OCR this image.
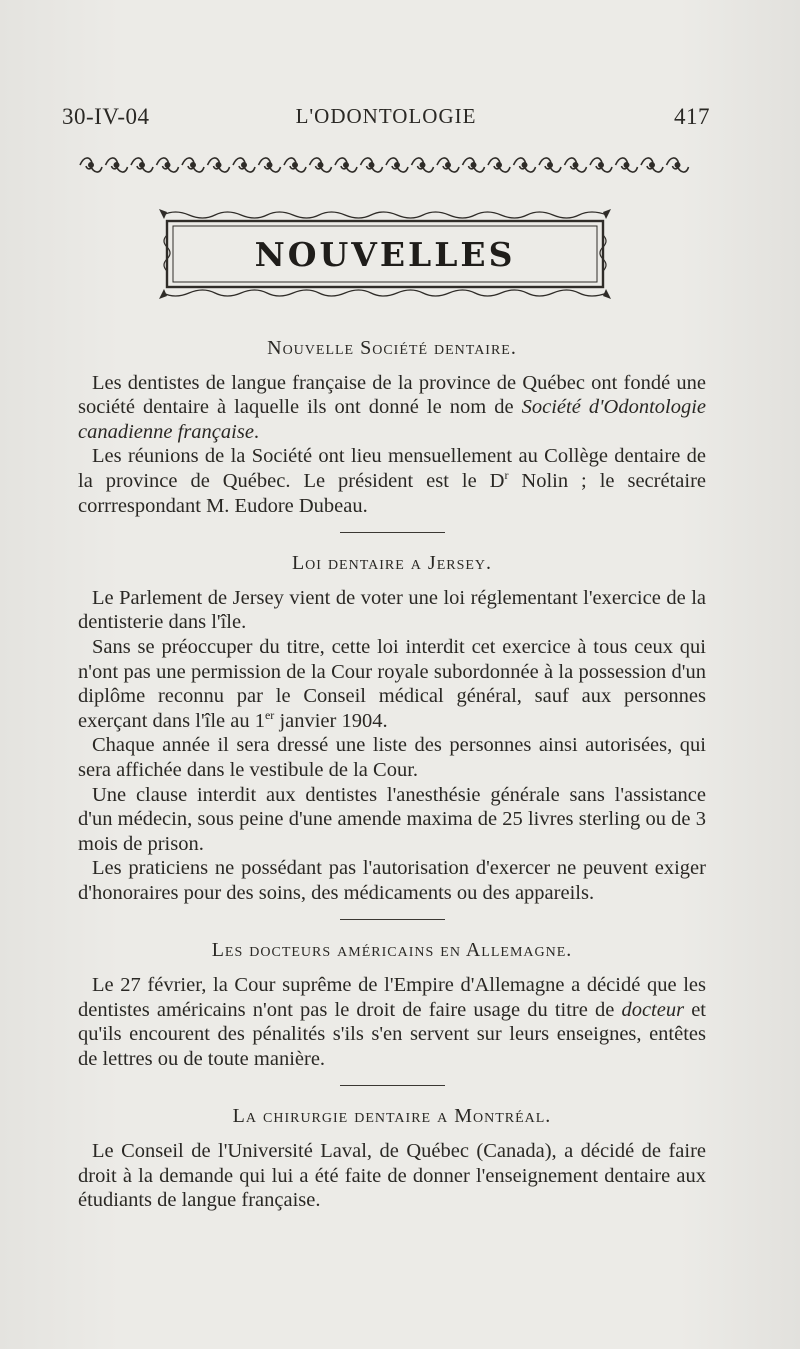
30-IV-04	L'ODONTOLOGIE	417
NOUVELLES
Nouvelle Société dentaire.

Les dentistes de langue française de la province de Québec ont fondé une société dentaire à laquelle ils ont donné le nom de Société d'Odontologie canadienne française.

Les réunions de la Société ont lieu mensuellement au Collège dentaire de la province de Québec. Le président est le $D^r$ Nolin ; le secrétaire corrrespondant M. Eudore Dubeau.

Loi dentaire a Jersey.

Le Parlement de Jersey vient de voter une loi réglementant l'exercice de la dentisterie dans l'île.

Sans se préoccuper du titre, cette loi interdit cet exercice à tous ceux qui n'ont pas une permission de la Cour royale subordonnée à la possession d'un diplôme reconnu par le Conseil médical général, sauf aux personnes exerçant dans l'île au 1er janvier 1904.

Chaque année il sera dressé une liste des personnes ainsi autorisées, qui sera affichée dans le vestibule de la Cour.

Une clause interdit aux dentistes l'anesthésie générale sans l'assistance d'un médecin, sous peine d'une amende maxima de 25 livres sterling ou de 3 mois de prison.

Les praticiens ne possédant pas l'autorisation d'exercer ne peuvent exiger d'honoraires pour des soins, des médicaments ou des appareils.

Les docteurs américains en Allemagne.

Le 27 février, la Cour suprême de l'Empire d'Allemagne a décidé que les dentistes américains n'ont pas le droit de faire usage du titre de docteur et qu'ils encourent des pénalités s'ils s'en servent sur leurs enseignes, entêtes de lettres ou de toute manière.

La chirurgie dentaire a Montréal.

Le Conseil de l'Université Laval, de Québec (Canada), a décidé de faire droit à la demande qui lui a été faite de donner l'enseignement dentaire aux étudiants de langue française.
